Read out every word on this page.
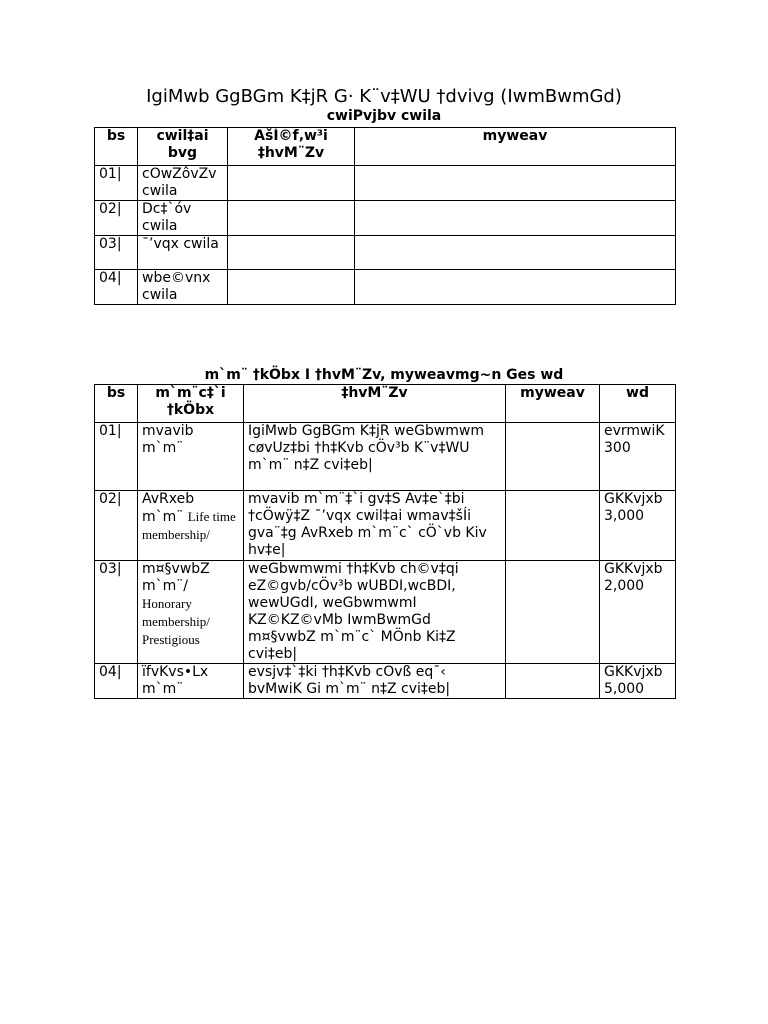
IgiMwb GgBGm K‡jR G· K¨v‡WU †dvivg (IwmBwmGd)
cwiPvjbv cwila
bs	cwil‡ai bvg	AšÍ©f‚w³i ‡hvM¨Zv	myweav
01|	cÖwZôvZv cwila		
02|	Dc‡`óv cwila		
03|	¯’vqx cwila		
04|	wbe©vnx cwila		
m`m¨ †kÖbx I †hvM¨Zv, myweavmg~n Ges wd
bs	m`m¨c‡`i †kÖbx	‡hvM¨Zv	myweav	wd
01|	mvavib m`m¨	IgiMwb GgBGm K‡jR weGbwmwm cøvUz‡bi †h‡Kvb cÖv³b K¨v‡WU m`m¨ n‡Z cvi‡eb|		evrmwiK 300
02|	AvRxeb m`m¨ Life time membership/	mvavib m`m¨‡`i gv‡S Av‡e`‡bi †cÖwÿ‡Z ¯’vqx cwil‡ai wmav‡šÍi gva¨‡g AvRxeb m`m¨c` cÖ`vb Kiv hv‡e|		GKKvjxb 3,000
03|	m¤§vwbZ m`m¨/ Honorary membership/ Prestigious	weGbwmwmi †h‡Kvb ch©v‡qi eZ©gvb/cÖv³b wUBDI,wcBDI, wewUGdI, weGbwmwmI KZ©KZ©vMb IwmBwmGd m¤§vwbZ m`m¨c` MÖnb Ki‡Z cvi‡eb|		GKKvjxb 2,000
04|	ïfvKvs•Lx m`m¨	evsjv‡`‡ki †h‡Kvb cÖvß eq¯‹ bvMwiK Gi m`m¨ n‡Z cvi‡eb|		GKKvjxb 5,000
